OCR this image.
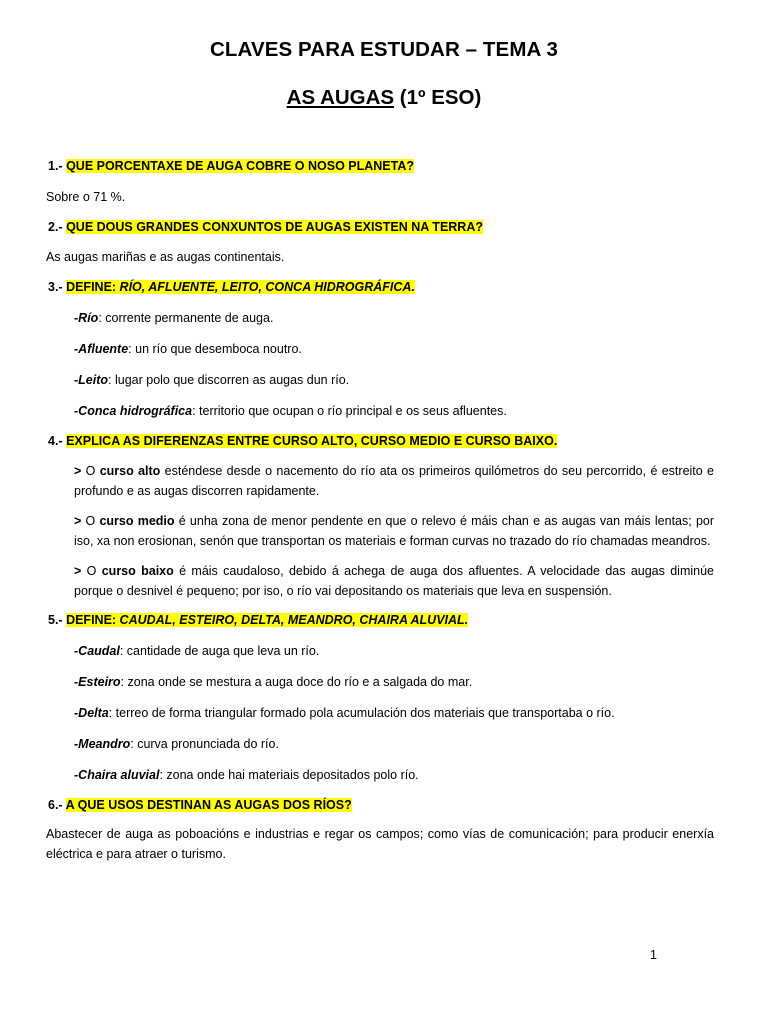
CLAVES PARA ESTUDAR – TEMA 3
AS AUGAS (1º ESO)

1.- QUE PORCENTAXE DE AUGA COBRE O NOSO PLANETA?

Sobre o 71 %.

2.- QUE DOUS GRANDES CONXUNTOS DE AUGAS EXISTEN NA TERRA?

As augas mariñas e as augas continentais.

3.- DEFINE: RÍO, AFLUENTE, LEITO, CONCA HIDROGRÁFICA.

-Río: corrente permanente de auga.

-Afluente: un río que desemboca noutro.

-Leito: lugar polo que discorren as augas dun río.

-Conca hidrográfica: territorio que ocupan o río principal e os seus afluentes.

4.- EXPLICA AS DIFERENZAS ENTRE CURSO ALTO, CURSO MEDIO E CURSO BAIXO.

> O curso alto esténdese desde o nacemento do río ata os primeiros quilómetros do seu percorrido, é estreito e profundo e as augas discorren rapidamente.

> O curso medio é unha zona de menor pendente en que o relevo é máis chan e as augas van máis lentas; por iso, xa non erosionan, senón que transportan os materiais e forman curvas no trazado do río chamadas meandros.

> O curso baixo é máis caudaloso, debido á achega de auga dos afluentes. A velocidade das augas diminúe porque o desnivel é pequeno; por iso, o río vai depositando os materiais que leva en suspensión.

5.- DEFINE: CAUDAL, ESTEIRO, DELTA, MEANDRO, CHAIRA ALUVIAL.

-Caudal: cantidade de auga que leva un río.

-Esteiro: zona onde se mestura a auga doce do río e a salgada do mar.

-Delta: terreo de forma triangular formado pola acumulación dos materiais que transportaba o río.

-Meandro: curva pronunciada do río.

-Chaira aluvial: zona onde hai materiais depositados polo río.

6.- A QUE USOS DESTINAN AS AUGAS DOS RÍOS?

Abastecer de auga as poboacións e industrias e regar os campos; como vías de comunicación; para producir enerxía eléctrica e para atraer o turismo.

1
